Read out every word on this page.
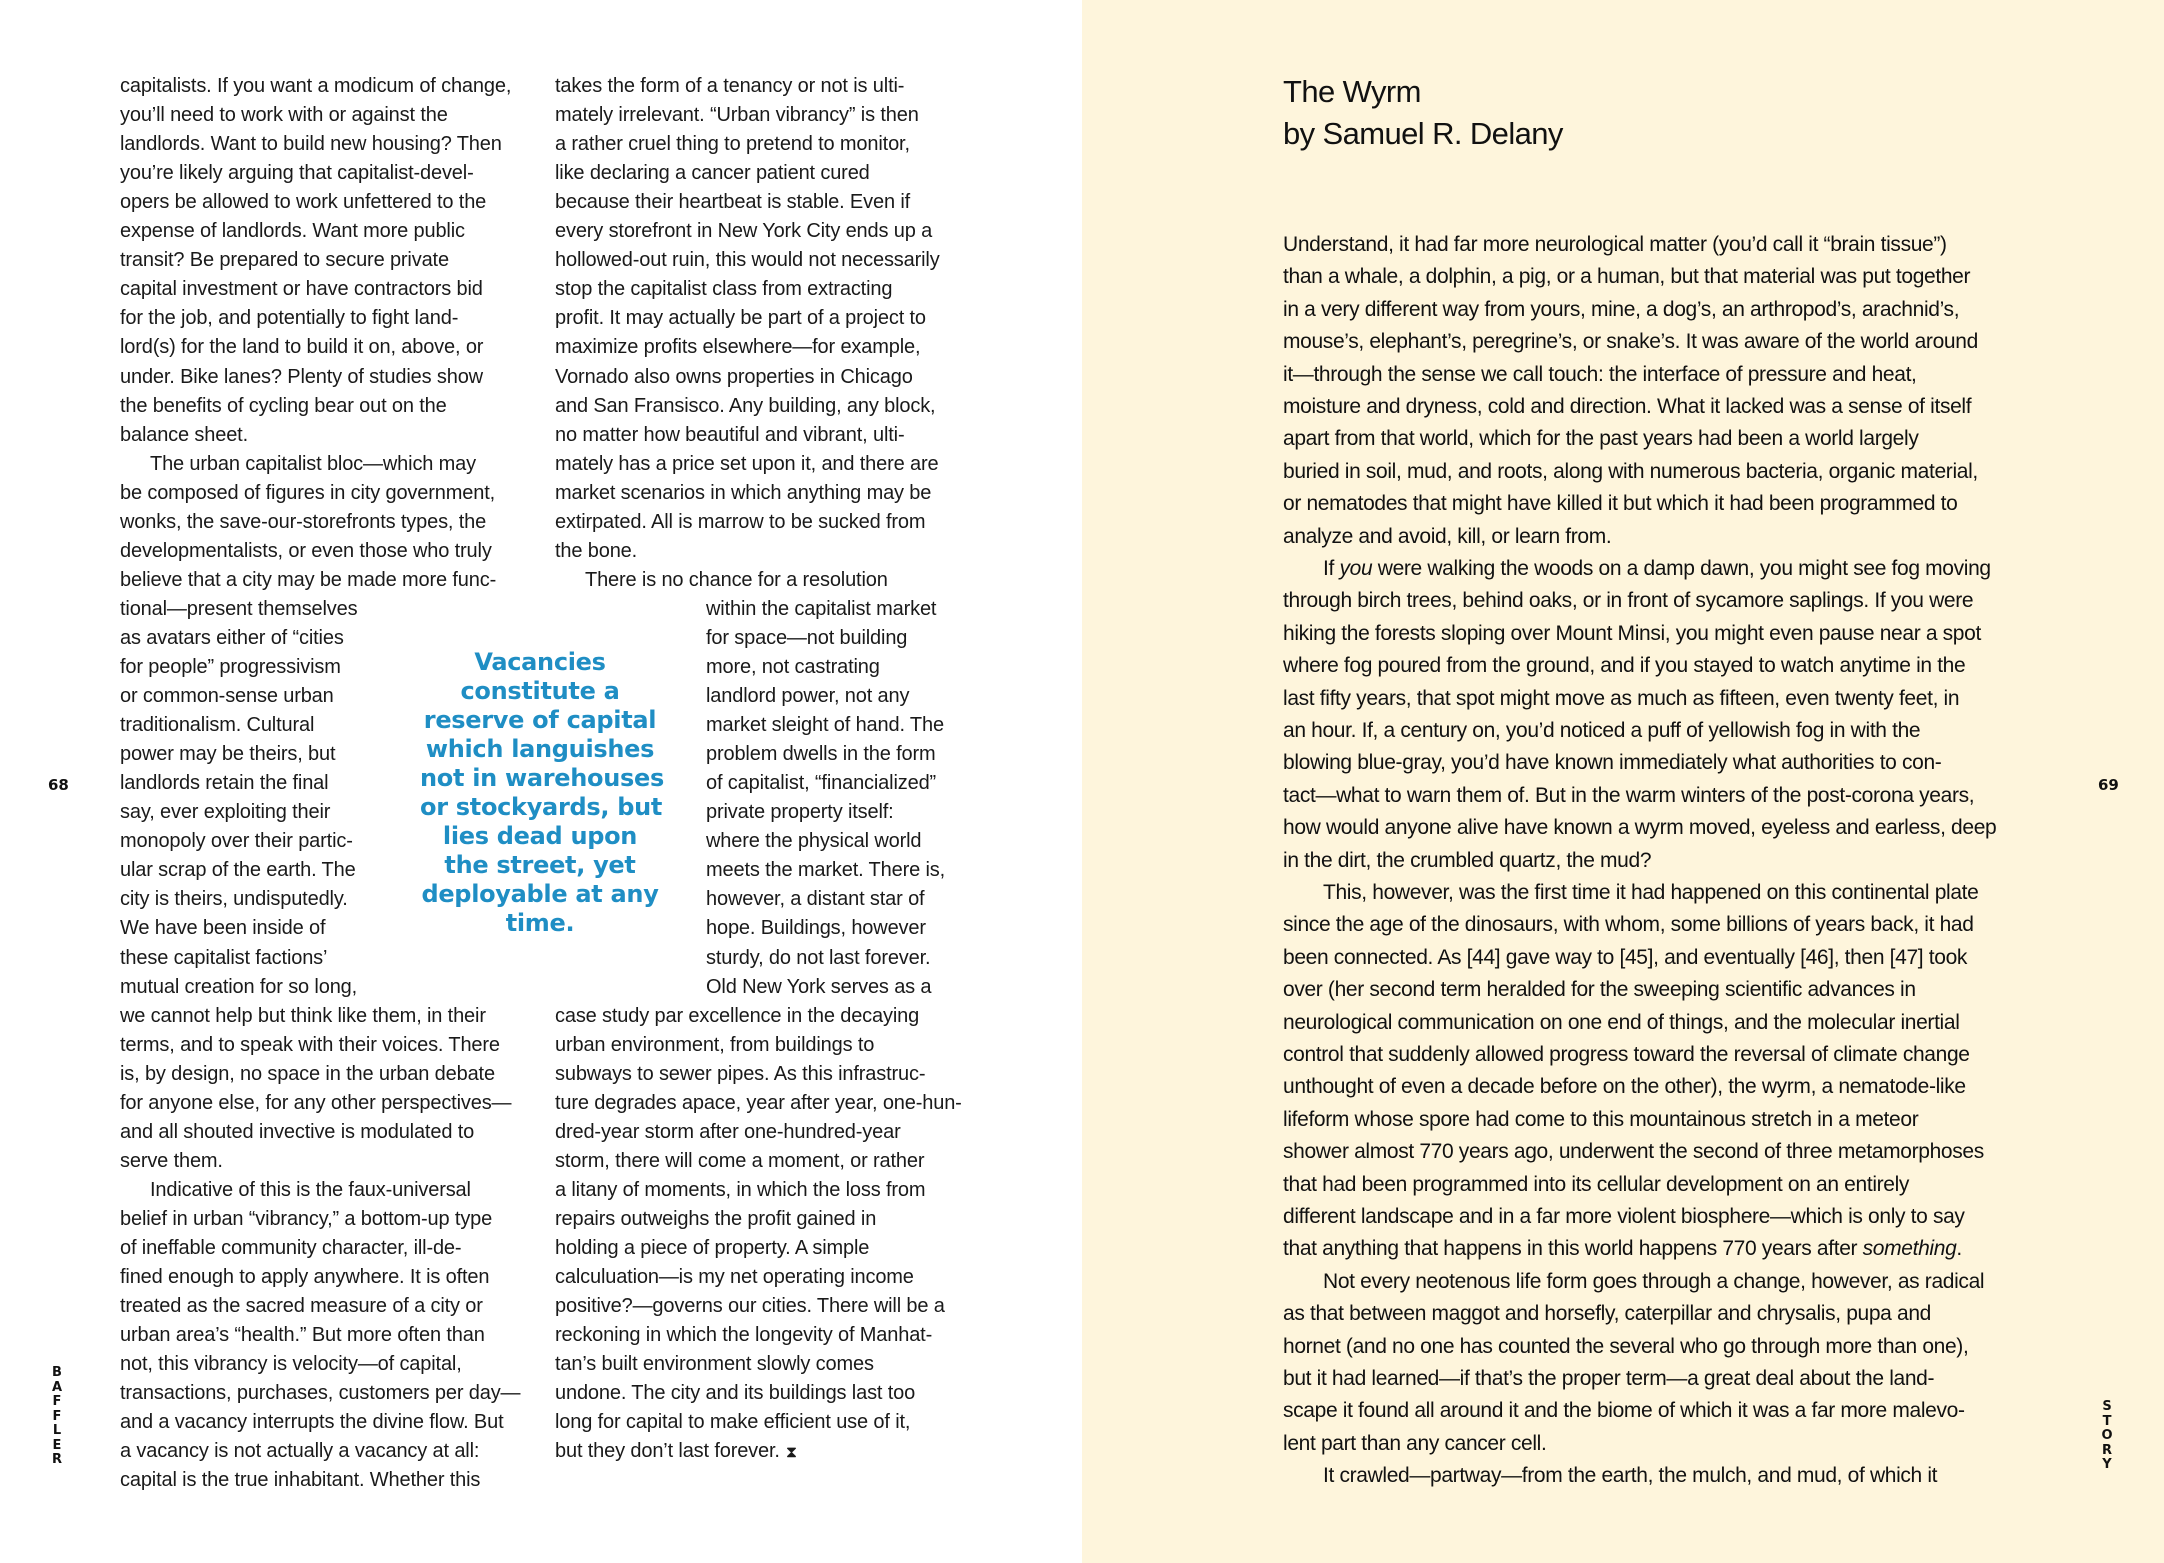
capitalists. If you want a modicum of change,
you’ll need to work with or against the
landlords. Want to build new housing? Then
you’re likely arguing that capitalist-devel-
opers be allowed to work unfettered to the
expense of landlords. Want more public
transit? Be prepared to secure private
capital investment or have contractors bid
for the job, and potentially to fight land-
lord(s) for the land to build it on, above, or
under. Bike lanes? Plenty of studies show
the benefits of cycling bear out on the
balance sheet.
The urban capitalist bloc—which may
be composed of figures in city government,
wonks, the save-our-storefronts types, the
developmentalists, or even those who truly
believe that a city may be made more func-
tional—present themselves
as avatars either of “cities
for people” progressivism
or common-sense urban
traditionalism. Cultural
power may be theirs, but
landlords retain the final
say, ever exploiting their
monopoly over their partic-
ular scrap of the earth. The
city is theirs, undisputedly.
We have been inside of
these capitalist factions’
mutual creation for so long,
we cannot help but think like them, in their
terms, and to speak with their voices. There
is, by design, no space in the urban debate
for anyone else, for any other perspectives—
and all shouted invective is modulated to
serve them.
Indicative of this is the faux-universal
belief in urban “vibrancy,” a bottom-up type
of ineffable community character, ill-de-
fined enough to apply anywhere. It is often
treated as the sacred measure of a city or
urban area’s “health.” But more often than
not, this vibrancy is velocity—of capital,
transactions, purchases, customers per day—
and a vacancy interrupts the divine flow. But
a vacancy is not actually a vacancy at all:
capital is the true inhabitant. Whether this
takes the form of a tenancy or not is ulti-
mately irrelevant. “Urban vibrancy” is then
a rather cruel thing to pretend to monitor,
like declaring a cancer patient cured
because their heartbeat is stable. Even if
every storefront in New York City ends up a
hollowed-out ruin, this would not necessarily
stop the capitalist class from extracting
profit. It may actually be part of a project to
maximize profits elsewhere—for example,
Vornado also owns properties in Chicago
and San Fransisco. Any building, any block,
no matter how beautiful and vibrant, ulti-
mately has a price set upon it, and there are
market scenarios in which anything may be
extirpated. All is marrow to be sucked from
the bone.
There is no chance for a resolution
within the capitalist market
for space—not building
more, not castrating
landlord power, not any
market sleight of hand. The
problem dwells in the form
of capitalist, “financialized”
private property itself:
where the physical world
meets the market. There is,
however, a distant star of
hope. Buildings, however
sturdy, do not last forever.
Old New York serves as a
case study par excellence in the decaying
urban environment, from buildings to
subways to sewer pipes. As this infrastruc-
ture degrades apace, year after year, one-hun-
dred-year storm after one-hundred-year
storm, there will come a moment, or rather
a litany of moments, in which the loss from
repairs outweighs the profit gained in
holding a piece of property. A simple
calculuation—is my net operating income
positive?—governs our cities. There will be a
reckoning in which the longevity of Manhat-
tan’s built environment slowly comes
undone. The city and its buildings last too
long for capital to make efficient use of it,
but they don’t last forever. ⧗
Vacancies
constitute a
reserve of capital
which languishes
not in warehouses
or stockyards, but
lies dead upon
the street, yet
deployable at any
time.
68
B
A
F
F
L
E
R
The Wyrm
by Samuel R. Delany
Understand, it had far more neurological matter (you’d call it “brain tissue”)
than a whale, a dolphin, a pig, or a human, but that material was put together
in a very different way from yours, mine, a dog’s, an arthropod’s, arachnid’s,
mouse’s, elephant’s, peregrine’s, or snake’s. It was aware of the world around
it—through the sense we call touch: the interface of pressure and heat,
moisture and dryness, cold and direction. What it lacked was a sense of itself
apart from that world, which for the past years had been a world largely
buried in soil, mud, and roots, along with numerous bacteria, organic material,
or nematodes that might have killed it but which it had been programmed to
analyze and avoid, kill, or learn from.
If you were walking the woods on a damp dawn, you might see fog moving
through birch trees, behind oaks, or in front of sycamore saplings. If you were
hiking the forests sloping over Mount Minsi, you might even pause near a spot
where fog poured from the ground, and if you stayed to watch anytime in the
last fifty years, that spot might move as much as fifteen, even twenty feet, in
an hour. If, a century on, you’d noticed a puff of yellowish fog in with the
blowing blue-gray, you’d have known immediately what authorities to con-
tact—what to warn them of. But in the warm winters of the post-corona years,
how would anyone alive have known a wyrm moved, eyeless and earless, deep
in the dirt, the crumbled quartz, the mud?
This, however, was the first time it had happened on this continental plate
since the age of the dinosaurs, with whom, some billions of years back, it had
been connected. As [44] gave way to [45], and eventually [46], then [47] took
over (her second term heralded for the sweeping scientific advances in
neurological communication on one end of things, and the molecular inertial
control that suddenly allowed progress toward the reversal of climate change
unthought of even a decade before on the other), the wyrm, a nematode-like
lifeform whose spore had come to this mountainous stretch in a meteor
shower almost 770 years ago, underwent the second of three metamorphoses
that had been programmed into its cellular development on an entirely
different landscape and in a far more violent biosphere—which is only to say
that anything that happens in this world happens 770 years after something.
Not every neotenous life form goes through a change, however, as radical
as that between maggot and horsefly, caterpillar and chrysalis, pupa and
hornet (and no one has counted the several who go through more than one),
but it had learned—if that’s the proper term—a great deal about the land-
scape it found all around it and the biome of which it was a far more malevo-
lent part than any cancer cell.
It crawled—partway—from the earth, the mulch, and mud, of which it
69
S
T
O
R
Y
